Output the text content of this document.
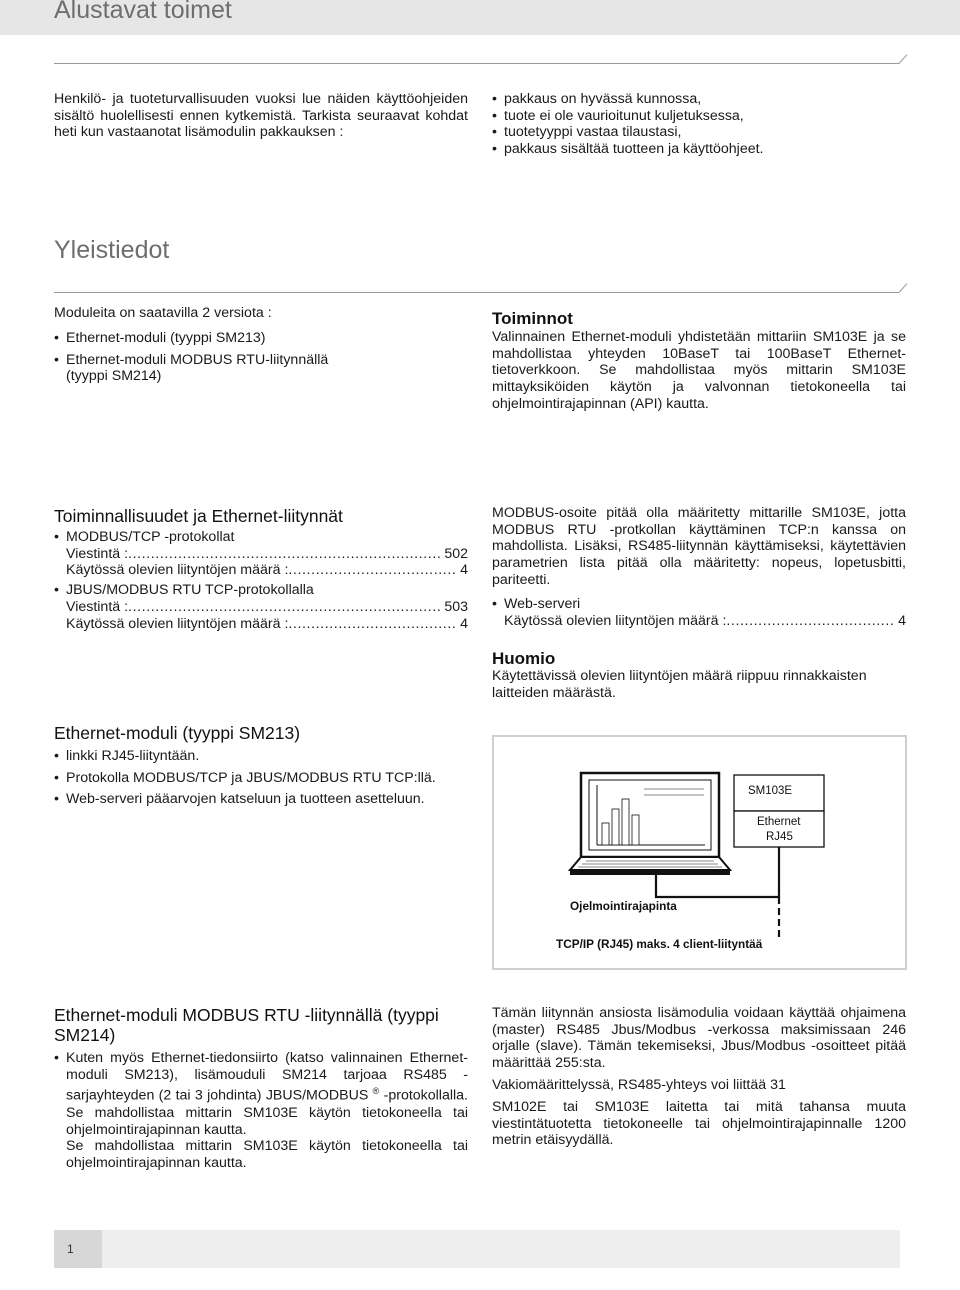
Alustavat toimet

Henkilö- ja tuoteturvallisuuden vuoksi lue näiden käyttöohjeiden sisältö huolellisesti ennen kytkemistä. Tarkista seuraavat kohdat heti kun vastaanotat lisämodulin pakkauksen :

• pakkaus on hyvässä kunnossa,
• tuote ei ole vaurioitunut kuljetuksessa,
• tuotetyyppi vastaa tilaustasi,
• pakkaus sisältää tuotteen ja käyttöohjeet.
Yleistiedot

Moduleita on saatavilla 2 versiota :

• Ethernet-moduli (tyyppi SM213)
• Ethernet-moduli MODBUS RTU-liitynnällä (tyyppi SM214)
Toiminnot

Valinnainen Ethernet-moduli yhdistetään mittariin SM103E ja se mahdollistaa yhteyden 10BaseT tai 100BaseT Ethernet-tietoverkkoon. Se mahdollistaa myös mittarin SM103E mittayksiköiden käytön ja valvonnan tietokoneella tai ohjelmointirajapinnan (API) kautta.

Toiminnallisuudet ja Ethernet-liitynnät
• MODBUS/TCP -protokollat
Viestintä : .....	502
Käytössä olevien liityntöjen määrä : .....	4
• JBUS/MODBUS RTU TCP-protokollalla
Viestintä : .....	503
Käytössä olevien liityntöjen määrä : .....	4

MODBUS-osoite pitää olla määritetty mittarille SM103E, jotta MODBUS RTU -protkollan käyttäminen TCP:n kanssa on mahdollista. Lisäksi, RS485-liitynnän käyttämiseksi, käytettävien parametrien lista pitää olla määritetty: nopeus, lopetusbitti, pariteetti.

• Web-serveri
Käytössä olevien liityntöjen määrä : .....	4
Huomio

Käytettävissä olevien liityntöjen määrä riippuu rinnakkaisten laitteiden määrästä.

Ethernet-moduli (tyyppi SM213)
• linkki RJ45-liityntään.
• Protokolla MODBUS/TCP ja JBUS/MODBUS RTU TCP:llä.
• Web-serveri pääarvojen katseluun ja tuotteen asetteluun.
SM103E
Ethernet
RJ45
Ojelmointirajapinta
TCP/IP (RJ45) maks. 4 client-liityntää
Ethernet-moduli MODBUS RTU -liitynnällä (tyyppi SM214)
• Kuten myös Ethernet-tiedonsiirto (katso valinnainen Ethernet-moduli SM213), lisämouduli SM214 tarjoaa RS485 -sarjayhteyden (2 tai 3 johdinta) JBUS/MODBUS ® -protokollalla. Se mahdollistaa mittarin SM103E käytön tietokoneella tai ohjelmointirajapinnan kautta.
Se mahdollistaa mittarin SM103E käytön tietokoneella tai ohjelmointirajapinnan kautta.

Tämän liitynnän ansiosta lisämodulia voidaan käyttää ohjaimena (master) RS485 Jbus/Modbus -verkossa maksimissaan 246 orjalle (slave). Tämän tekemiseksi, Jbus/Modbus -osoitteet pitää määrittää 255:sta.

Vakiomäärittelyssä, RS485-yhteys voi liittää 31

SM102E tai SM103E laitetta tai mitä tahansa muuta viestintätuotetta tietokoneelle tai ohjelmointirajapinnalle 1200 metrin etäisyydällä.

1
